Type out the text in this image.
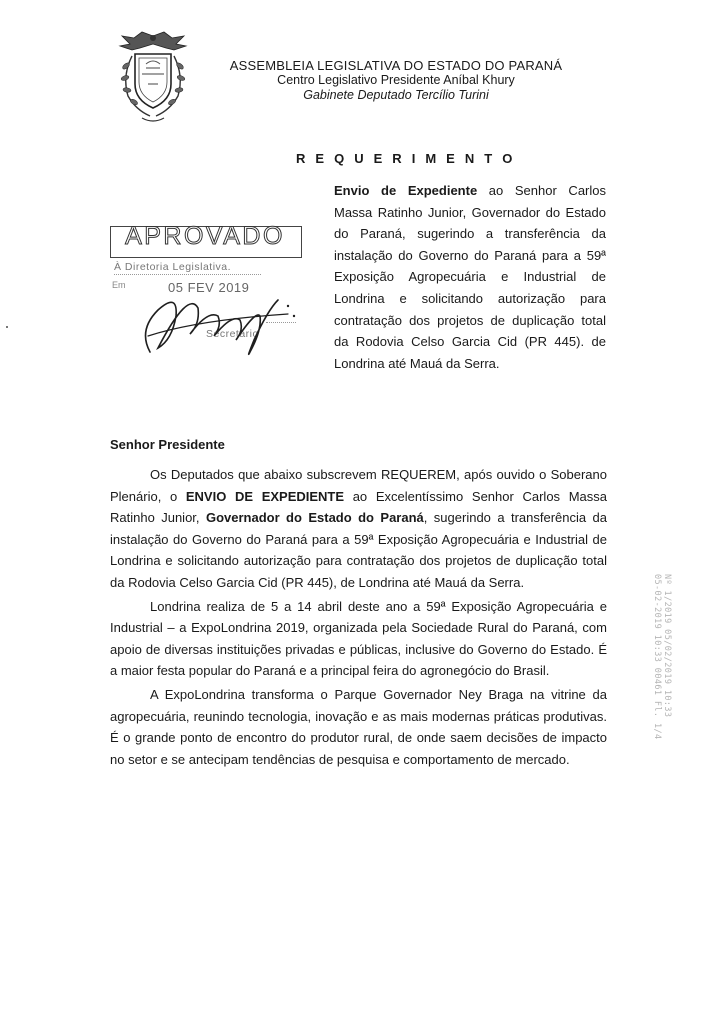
ASSEMBLEIA LEGISLATIVA DO ESTADO DO PARANÁ
Centro Legislativo Presidente Aníbal Khury
Gabinete Deputado Tercílio Turini
R E Q U E R I M E N T O
Envio de Expediente ao Senhor Carlos Massa Ratinho Junior, Governador do Estado do Paraná, sugerindo a transferência da instalação do Governo do Paraná para a 59ª Exposição Agropecuária e Industrial de Londrina e solicitando autorização para contratação dos projetos de duplicação total da Rodovia Celso Garcia Cid (PR 445). de Londrina até Mauá da Serra.
APROVADO
À Diretoria Legislativa.
Em	05 FEV 2019
Secretário
Senhor Presidente

Os Deputados que abaixo subscrevem REQUEREM, após ouvido o Soberano Plenário, o ENVIO DE EXPEDIENTE ao Excelentíssimo Senhor Carlos Massa Ratinho Junior, Governador do Estado do Paraná, sugerindo a transferência da instalação do Governo do Paraná para a 59ª Exposição Agropecuária e Industrial de Londrina e solicitando autorização para contratação dos projetos de duplicação total da Rodovia Celso Garcia Cid (PR 445), de Londrina até Mauá da Serra.

Londrina realiza de 5 a 14 abril deste ano a 59ª Exposição Agropecuária e Industrial – a ExpoLondrina 2019, organizada pela Sociedade Rural do Paraná, com apoio de diversas instituições privadas e públicas, inclusive do Governo do Estado. É a maior festa popular do Paraná e a principal feira do agronegócio do Brasil.

A ExpoLondrina transforma o Parque Governador Ney Braga na vitrine da agropecuária, reunindo tecnologia, inovação e as mais modernas práticas produtivas. É o grande ponto de encontro do produtor rural, de onde saem decisões de impacto no setor e se antecipam tendências de pesquisa e comportamento de mercado.

Nº 1/2019 05/02/2019 10:33
05-02-2019 10:33 00461 Fl. 1/4
